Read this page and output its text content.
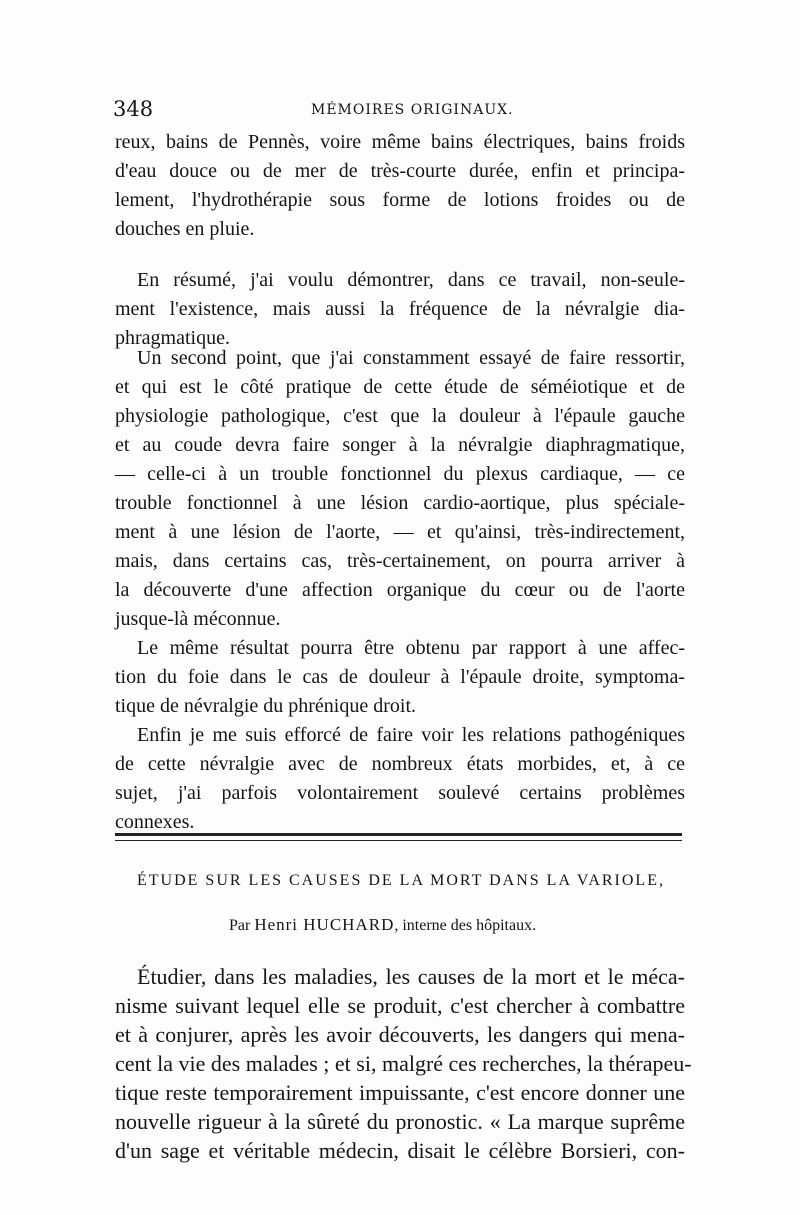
348	MÉMOIRES ORIGINAUX.
reux, bains de Pennès, voire même bains électriques, bains froids
d'eau douce ou de mer de très-courte durée, enfin et principa-
lement, l'hydrothérapie sous forme de lotions froides ou de
douches en pluie.
En résumé, j'ai voulu démontrer, dans ce travail, non-seule-
ment l'existence, mais aussi la fréquence de la névralgie dia-
phragmatique.
Un second point, que j'ai constamment essayé de faire ressortir,
et qui est le côté pratique de cette étude de séméiotique et de
physiologie pathologique, c'est que la douleur à l'épaule gauche
et au coude devra faire songer à la névralgie diaphragmatique,
— celle-ci à un trouble fonctionnel du plexus cardiaque, — ce
trouble fonctionnel à une lésion cardio-aortique, plus spéciale-
ment à une lésion de l'aorte, — et qu'ainsi, très-indirectement,
mais, dans certains cas, très-certainement, on pourra arriver à
la découverte d'une affection organique du cœur ou de l'aorte
jusque-là méconnue.
Le même résultat pourra être obtenu par rapport à une affec-
tion du foie dans le cas de douleur à l'épaule droite, symptoma-
tique de névralgie du phrénique droit.
Enfin je me suis efforcé de faire voir les relations pathogéniques
de cette névralgie avec de nombreux états morbides, et, à ce
sujet, j'ai parfois volontairement soulevé certains problèmes
connexes.
ÉTUDE SUR LES CAUSES DE LA MORT DANS LA VARIOLE,
Par Henri HUCHARD, interne des hôpitaux.
Étudier, dans les maladies, les causes de la mort et le méca-
nisme suivant lequel elle se produit, c'est chercher à combattre
et à conjurer, après les avoir découverts, les dangers qui mena-
cent la vie des malades ; et si, malgré ces recherches, la thérapeu-
tique reste temporairement impuissante, c'est encore donner une
nouvelle rigueur à la sûreté du pronostic. « La marque suprême
d'un sage et véritable médecin, disait le célèbre Borsieri, con-
